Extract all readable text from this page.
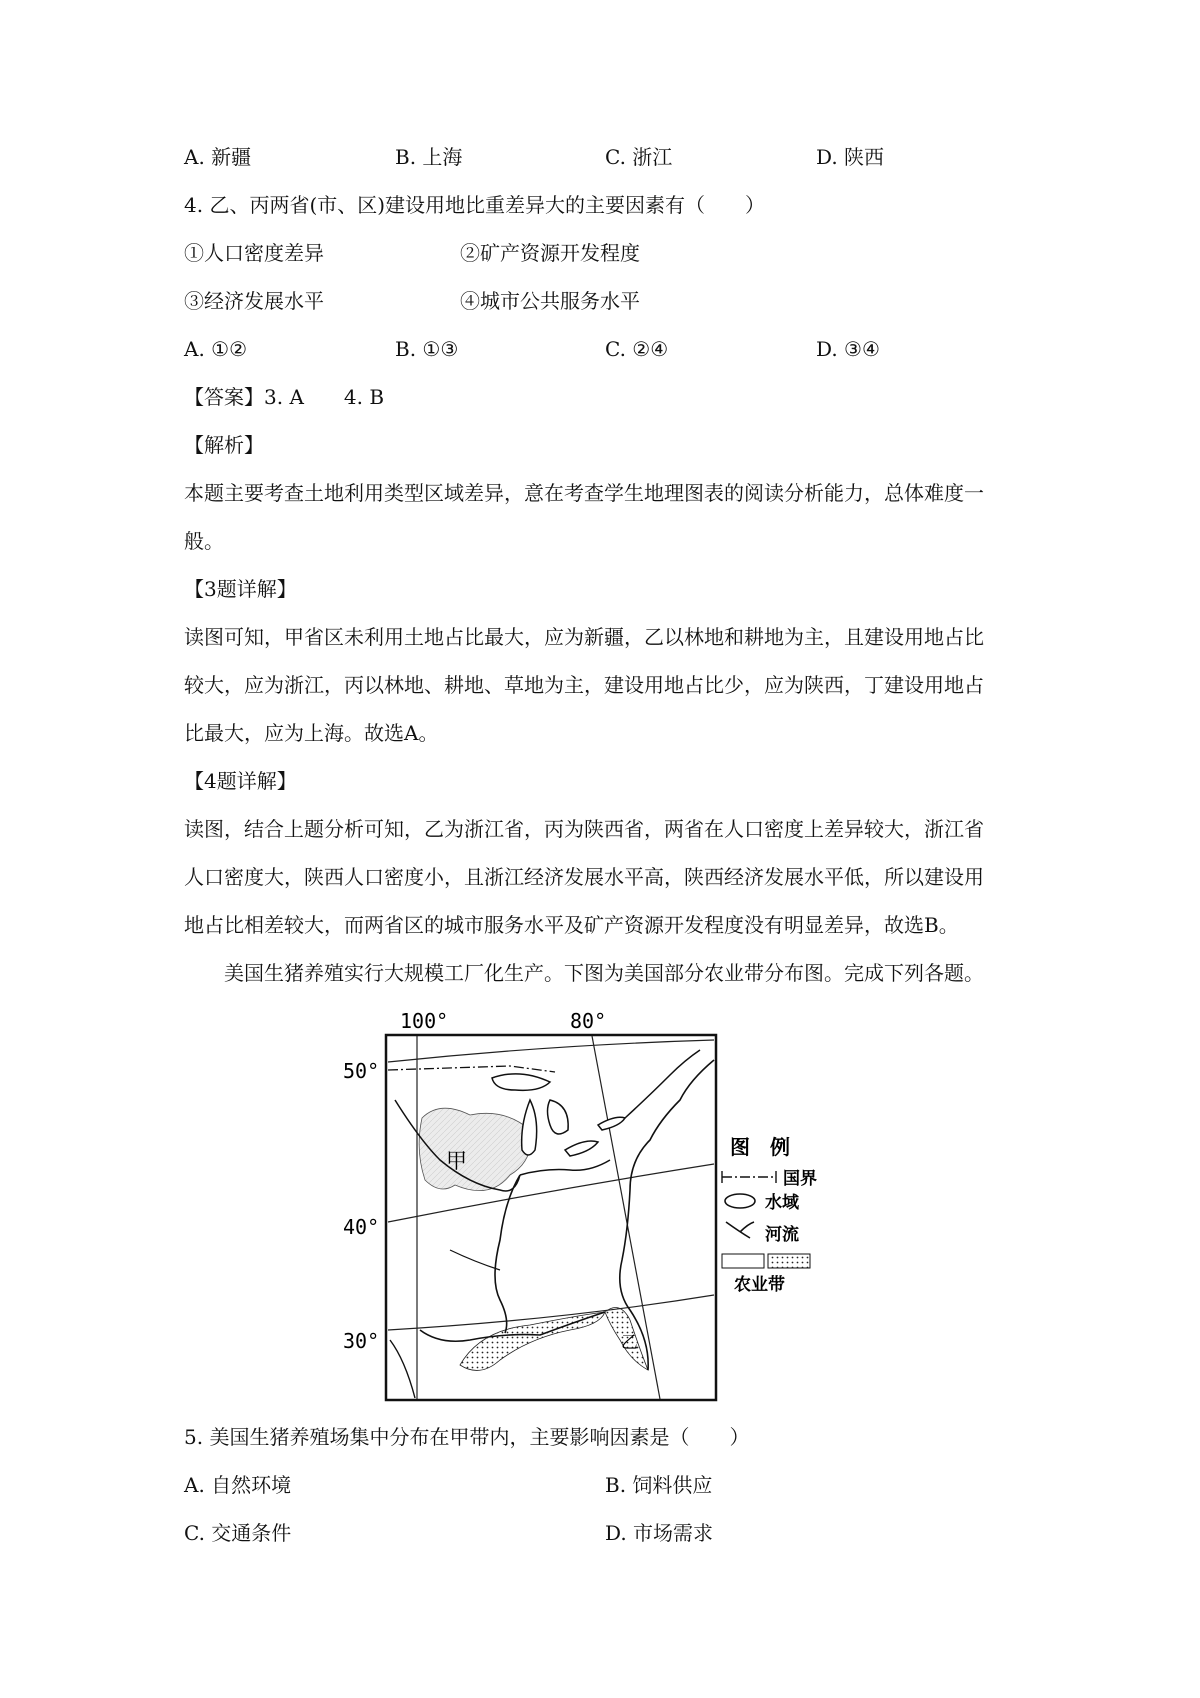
A. 新疆	B. 上海	C. 浙江	D. 陕西
4. 乙、丙两省(市、区)建设用地比重差异大的主要因素有（　　）
①人口密度差异	②矿产资源开发程度
③经济发展水平	④城市公共服务水平
A. ①②	B. ①③	C. ②④	D. ③④
【答案】3. A　　4. B
【解析】
本题主要考查土地利用类型区域差异，意在考查学生地理图表的阅读分析能力，总体难度一
般。
【3题详解】
读图可知，甲省区未利用土地占比最大，应为新疆，乙以林地和耕地为主，且建设用地占比
较大，应为浙江，丙以林地、耕地、草地为主，建设用地占比少，应为陕西，丁建设用地占
比最大，应为上海。故选A。
【4题详解】
读图，结合上题分析可知，乙为浙江省，丙为陕西省，两省在人口密度上差异较大，浙江省
人口密度大，陕西人口密度小，且浙江经济发展水平高，陕西经济发展水平低，所以建设用
地占比相差较大，而两省区的城市服务水平及矿产资源开发程度没有明显差异，故选B。
美国生猪养殖实行大规模工厂化生产。下图为美国部分农业带分布图。完成下列各题。
100°	80°
50°
40°
30°
甲
乙
图　例
国界
水域
河流
农业带
5. 美国生猪养殖场集中分布在甲带内，主要影响因素是（　　）
A. 自然环境	B. 饲料供应
C. 交通条件	D. 市场需求
